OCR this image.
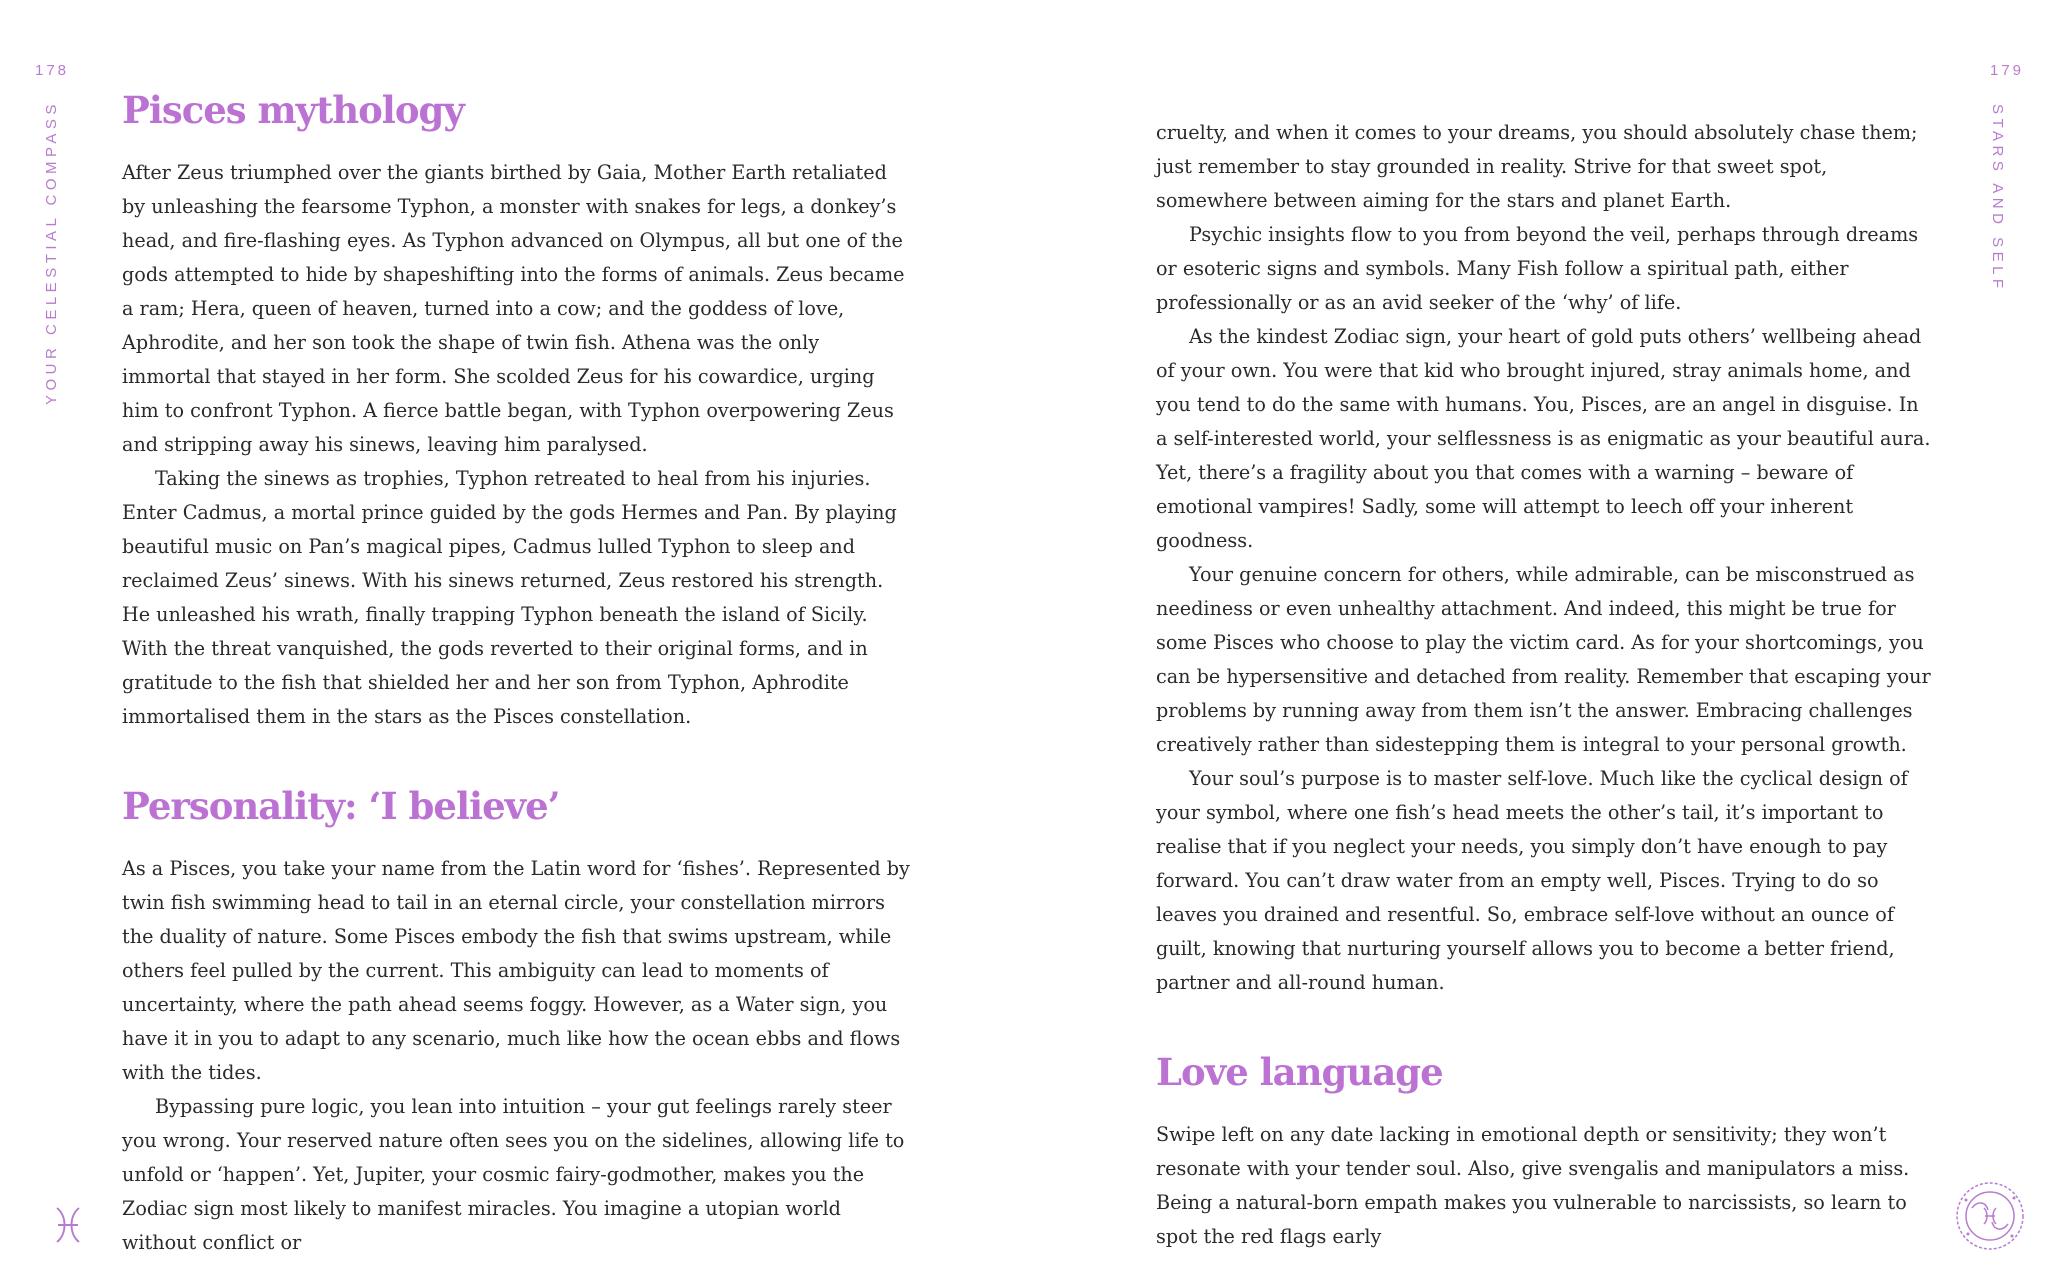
178
YOUR CELESTIAL COMPASS Pisces mythology

After Zeus triumphed over the giants birthed by Gaia, Mother Earth retaliated by unleashing the fearsome Typhon, a monster with snakes for legs, a donkey’s head, and fire-flashing eyes. As Typhon advanced on Olympus, all but one of the gods attempted to hide by shapeshifting into the forms of animals. Zeus became a ram; Hera, queen of heaven, turned into a cow; and the goddess of love, Aphrodite, and her son took the shape of twin fish. Athena was the only immortal that stayed in her form. She scolded Zeus for his cowardice, urging him to confront Typhon. A fierce battle began, with Typhon overpowering Zeus and stripping away his sinews, leaving him paralysed.

Taking the sinews as trophies, Typhon retreated to heal from his injuries. Enter Cadmus, a mortal prince guided by the gods Hermes and Pan. By playing beautiful music on Pan’s magical pipes, Cadmus lulled Typhon to sleep and reclaimed Zeus’ sinews. With his sinews returned, Zeus restored his strength. He unleashed his wrath, finally trapping Typhon beneath the island of Sicily. With the threat vanquished, the gods reverted to their original forms, and in gratitude to the fish that shielded her and her son from Typhon, Aphrodite immortalised them in the stars as the Pisces constellation.

Personality: ‘I believe’

As a Pisces, you take your name from the Latin word for ‘fishes’. Represented by twin fish swimming head to tail in an eternal circle, your constellation mirrors the duality of nature. Some Pisces embody the fish that swims upstream, while others feel pulled by the current. This ambiguity can lead to moments of uncertainty, where the path ahead seems foggy. However, as a Water sign, you have it in you to adapt to any scenario, much like how the ocean ebbs and flows with the tides.

Bypassing pure logic, you lean into intuition – your gut feelings rarely steer you wrong. Your reserved nature often sees you on the sidelines, allowing life to unfold or ‘happen’. Yet, Jupiter, your cosmic fairy-godmother, makes you the Zodiac sign most likely to manifest miracles. You imagine a utopian world without conflict or

179
STARS AND SELF

cruelty, and when it comes to your dreams, you should absolutely chase them; just remember to stay grounded in reality. Strive for that sweet spot, somewhere between aiming for the stars and planet Earth.

Psychic insights flow to you from beyond the veil, perhaps through dreams or esoteric signs and symbols. Many Fish follow a spiritual path, either professionally or as an avid seeker of the ‘why’ of life.

As the kindest Zodiac sign, your heart of gold puts others’ wellbeing ahead of your own. You were that kid who brought injured, stray animals home, and you tend to do the same with humans. You, Pisces, are an angel in disguise. In a self-interested world, your selflessness is as enigmatic as your beautiful aura. Yet, there’s a fragility about you that comes with a warning – beware of emotional vampires! Sadly, some will attempt to leech off your inherent goodness.

Your genuine concern for others, while admirable, can be misconstrued as neediness or even unhealthy attachment. And indeed, this might be true for some Pisces who choose to play the victim card. As for your shortcomings, you can be hypersensitive and detached from reality. Remember that escaping your problems by running away from them isn’t the answer. Embracing challenges creatively rather than sidestepping them is integral to your personal growth.

Your soul’s purpose is to master self-love. Much like the cyclical design of your symbol, where one fish’s head meets the other’s tail, it’s important to realise that if you neglect your needs, you simply don’t have enough to pay forward. You can’t draw water from an empty well, Pisces. Trying to do so leaves you drained and resentful. So, embrace self-love without an ounce of guilt, knowing that nurturing yourself allows you to become a better friend, partner and all-round human.

Love language

Swipe left on any date lacking in emotional depth or sensitivity; they won’t resonate with your tender soul. Also, give svengalis and manipulators a miss. Being a natural-born empath makes you vulnerable to narcissists, so learn to spot the red flags early
